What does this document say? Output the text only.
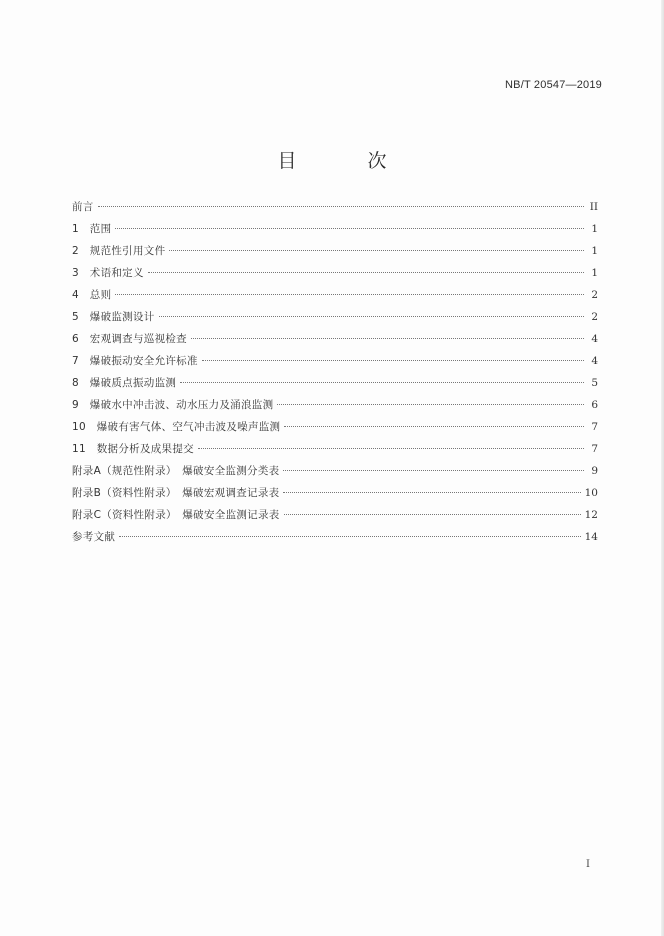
NB/T 20547—2019
目　次
前言	II
1　范围	1
2　规范性引用文件	1
3　术语和定义	1
4　总则	2
5　爆破监测设计	2
6　宏观调查与巡视检查	4
7　爆破振动安全允许标准	4
8　爆破质点振动监测	5
9　爆破水中冲击波、动水压力及涌浪监测	6
10　爆破有害气体、空气冲击波及噪声监测	7
11　数据分析及成果提交	7
附录A（规范性附录）　爆破安全监测分类表	9
附录B（资料性附录）　爆破宏观调查记录表	10
附录C（资料性附录）　爆破安全监测记录表	12
参考文献	14
I
